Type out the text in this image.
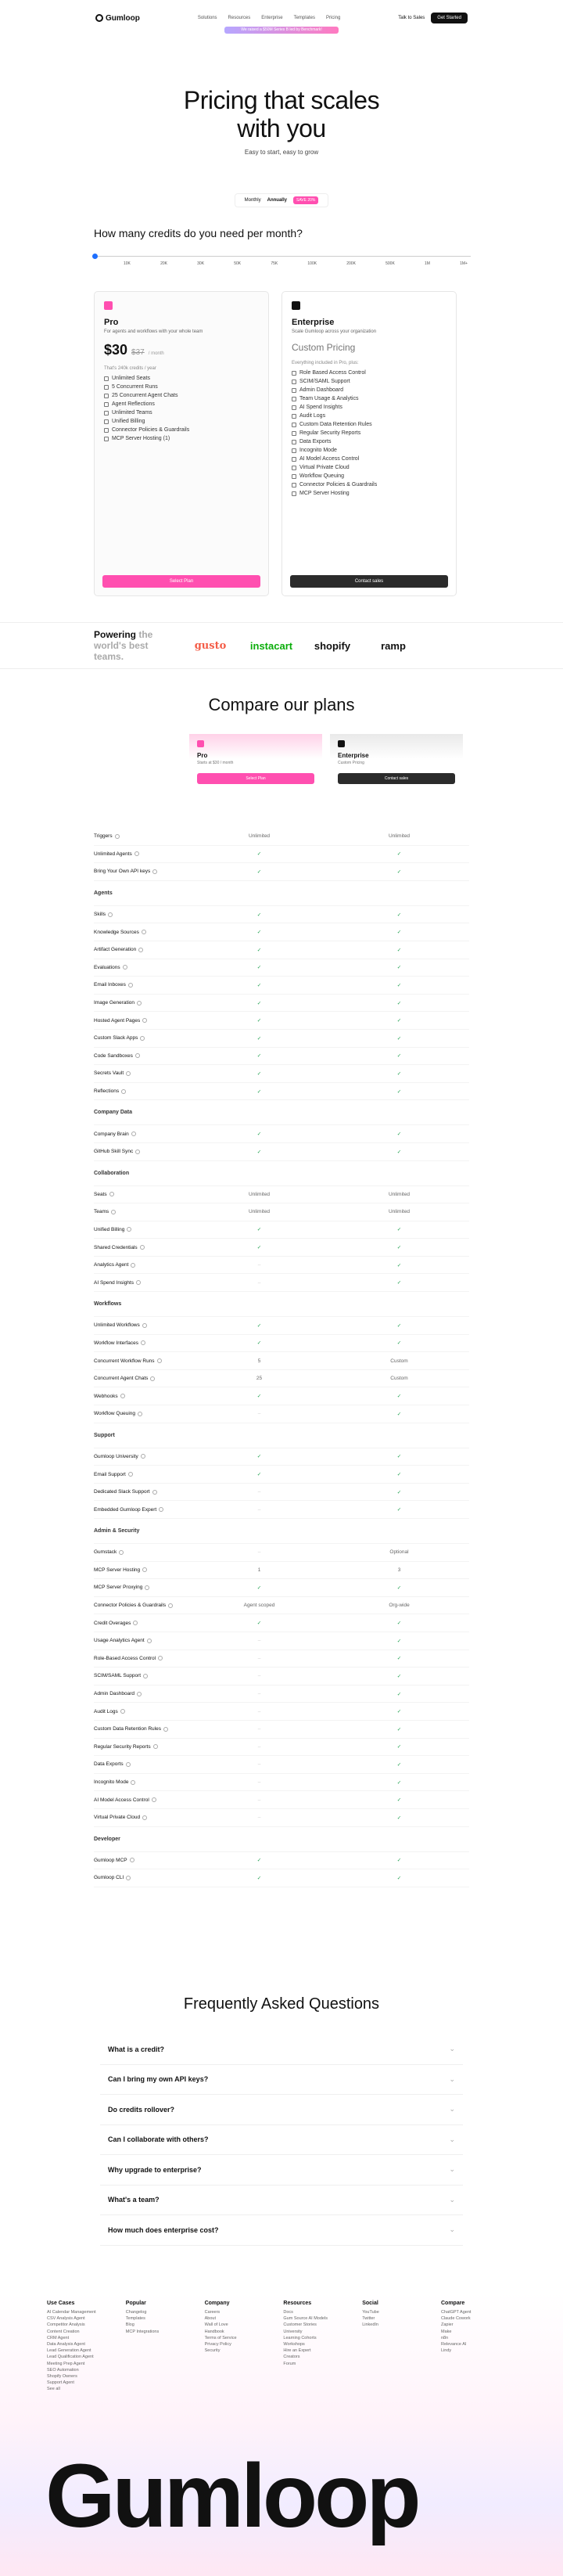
Gumloop	Solutions Resources Enterprise Templates Pricing	Talk to Sales	Get Started
We raised a $50M Series B led by Benchmark!
Pricing that scales with you

Easy to start, easy to grow

Monthly Annually	SAVE 20%
How many credits do you need per month?
10K	20K	30K	50K	75K	100K	200K	500K	1M	1M+
Pro
For agents and workflows with your whole team
$30 $37 / month
That's 240k credits / year
Unlimited Seats
5 Concurrent Runs
25 Concurrent Agent Chats
Agent Reflections
Unlimited Teams
Unified Billing
Connector Policies & Guardrails
MCP Server Hosting (1)
Select Plan
Enterprise
Scale Gumloop across your organization
Custom Pricing
Everything included in Pro, plus:
Role Based Access Control
SCIM/SAML Support
Admin Dashboard
Team Usage & Analytics
AI Spend Insights
Audit Logs
Custom Data Retention Rules
Regular Security Reports
Data Exports
Incognito Mode
AI Model Access Control
Virtual Private Cloud
Workflow Queuing
Connector Policies & Guardrails
MCP Server Hosting
Contact sales
Powering the world's best teams.
gusto	instacart	shopify	ramp
Compare our plans
Pro
Starts at $30 / month
Select Plan
Enterprise
Custom Pricing
Contact sales
Triggers	Unlimited	Unlimited
Unlimited Agents	✓	✓
Bring Your Own API keys	✓	✓
Agents
Skills	✓	✓
Knowledge Sources	✓	✓
Artifact Generation	✓	✓
Evaluations	✓	✓
Email Inboxes	✓	✓
Image Generation	✓	✓
Hosted Agent Pages	✓	✓
Custom Slack Apps	✓	✓
Code Sandboxes	✓	✓
Secrets Vault	✓	✓
Reflections	✓	✓
Company Data
Company Brain	✓	✓
GitHub Skill Sync	✓	✓
Collaboration
Seats	Unlimited	Unlimited
Teams	Unlimited	Unlimited
Unified Billing	✓	✓
Shared Credentials	✓	✓
Analytics Agent	–	✓
AI Spend Insights	–	✓
Workflows
Unlimited Workflows	✓	✓
Workflow Interfaces	✓	✓
Concurrent Workflow Runs	5	Custom
Concurrent Agent Chats	25	Custom
Webhooks	✓	✓
Workflow Queuing	–	✓
Support
Gumloop University	✓	✓
Email Support	✓	✓
Dedicated Slack Support	–	✓
Embedded Gumloop Expert	–	✓
Admin & Security
Gumstack	–	Optional
MCP Server Hosting	1	3
MCP Server Proxying	✓	✓
Connector Policies & Guardrails	Agent scoped	Org-wide
Credit Overages	✓	✓
Usage Analytics Agent	–	✓
Role-Based Access Control	–	✓
SCIM/SAML Support	–	✓
Admin Dashboard	–	✓
Audit Logs	–	✓
Custom Data Retention Rules	–	✓
Regular Security Reports	–	✓
Data Exports	–	✓
Incognito Mode	–	✓
AI Model Access Control	–	✓
Virtual Private Cloud	–	✓
Developer
Gumloop MCP	✓	✓
Gumloop CLI	✓	✓
Frequently Asked Questions
What is a credit?	⌄
Can I bring my own API keys?	⌄
Do credits rollover?	⌄
Can I collaborate with others?	⌄
Why upgrade to enterprise?	⌄
What's a team?	⌄
How much does enterprise cost?	⌄
Use Cases
AI Calendar Management
CSV Analysis Agent
Competitor Analysis
Content Creation
CRM Agent
Data Analysis Agent
Lead Generation Agent
Lead Qualification Agent
Meeting Prep Agent
SEO Automation
Shopify Owners
Support Agent
See all
Popular
Changelog
Templates
Blog
MCP Integrations
Company
Careers
About
Wall of Love
Handbook
Terms of Service
Privacy Policy
Security
Resources
Docs
Gum Source AI Models
Customer Stories
University
Learning Cohorts
Workshops
Hire an Expert
Creators
Forum
Social
YouTube
Twitter
LinkedIn
Compare
ChatGPT Agent
Claude Cowork
Zapier
Make
n8n
Relevance AI
Lindy
Gumloop
